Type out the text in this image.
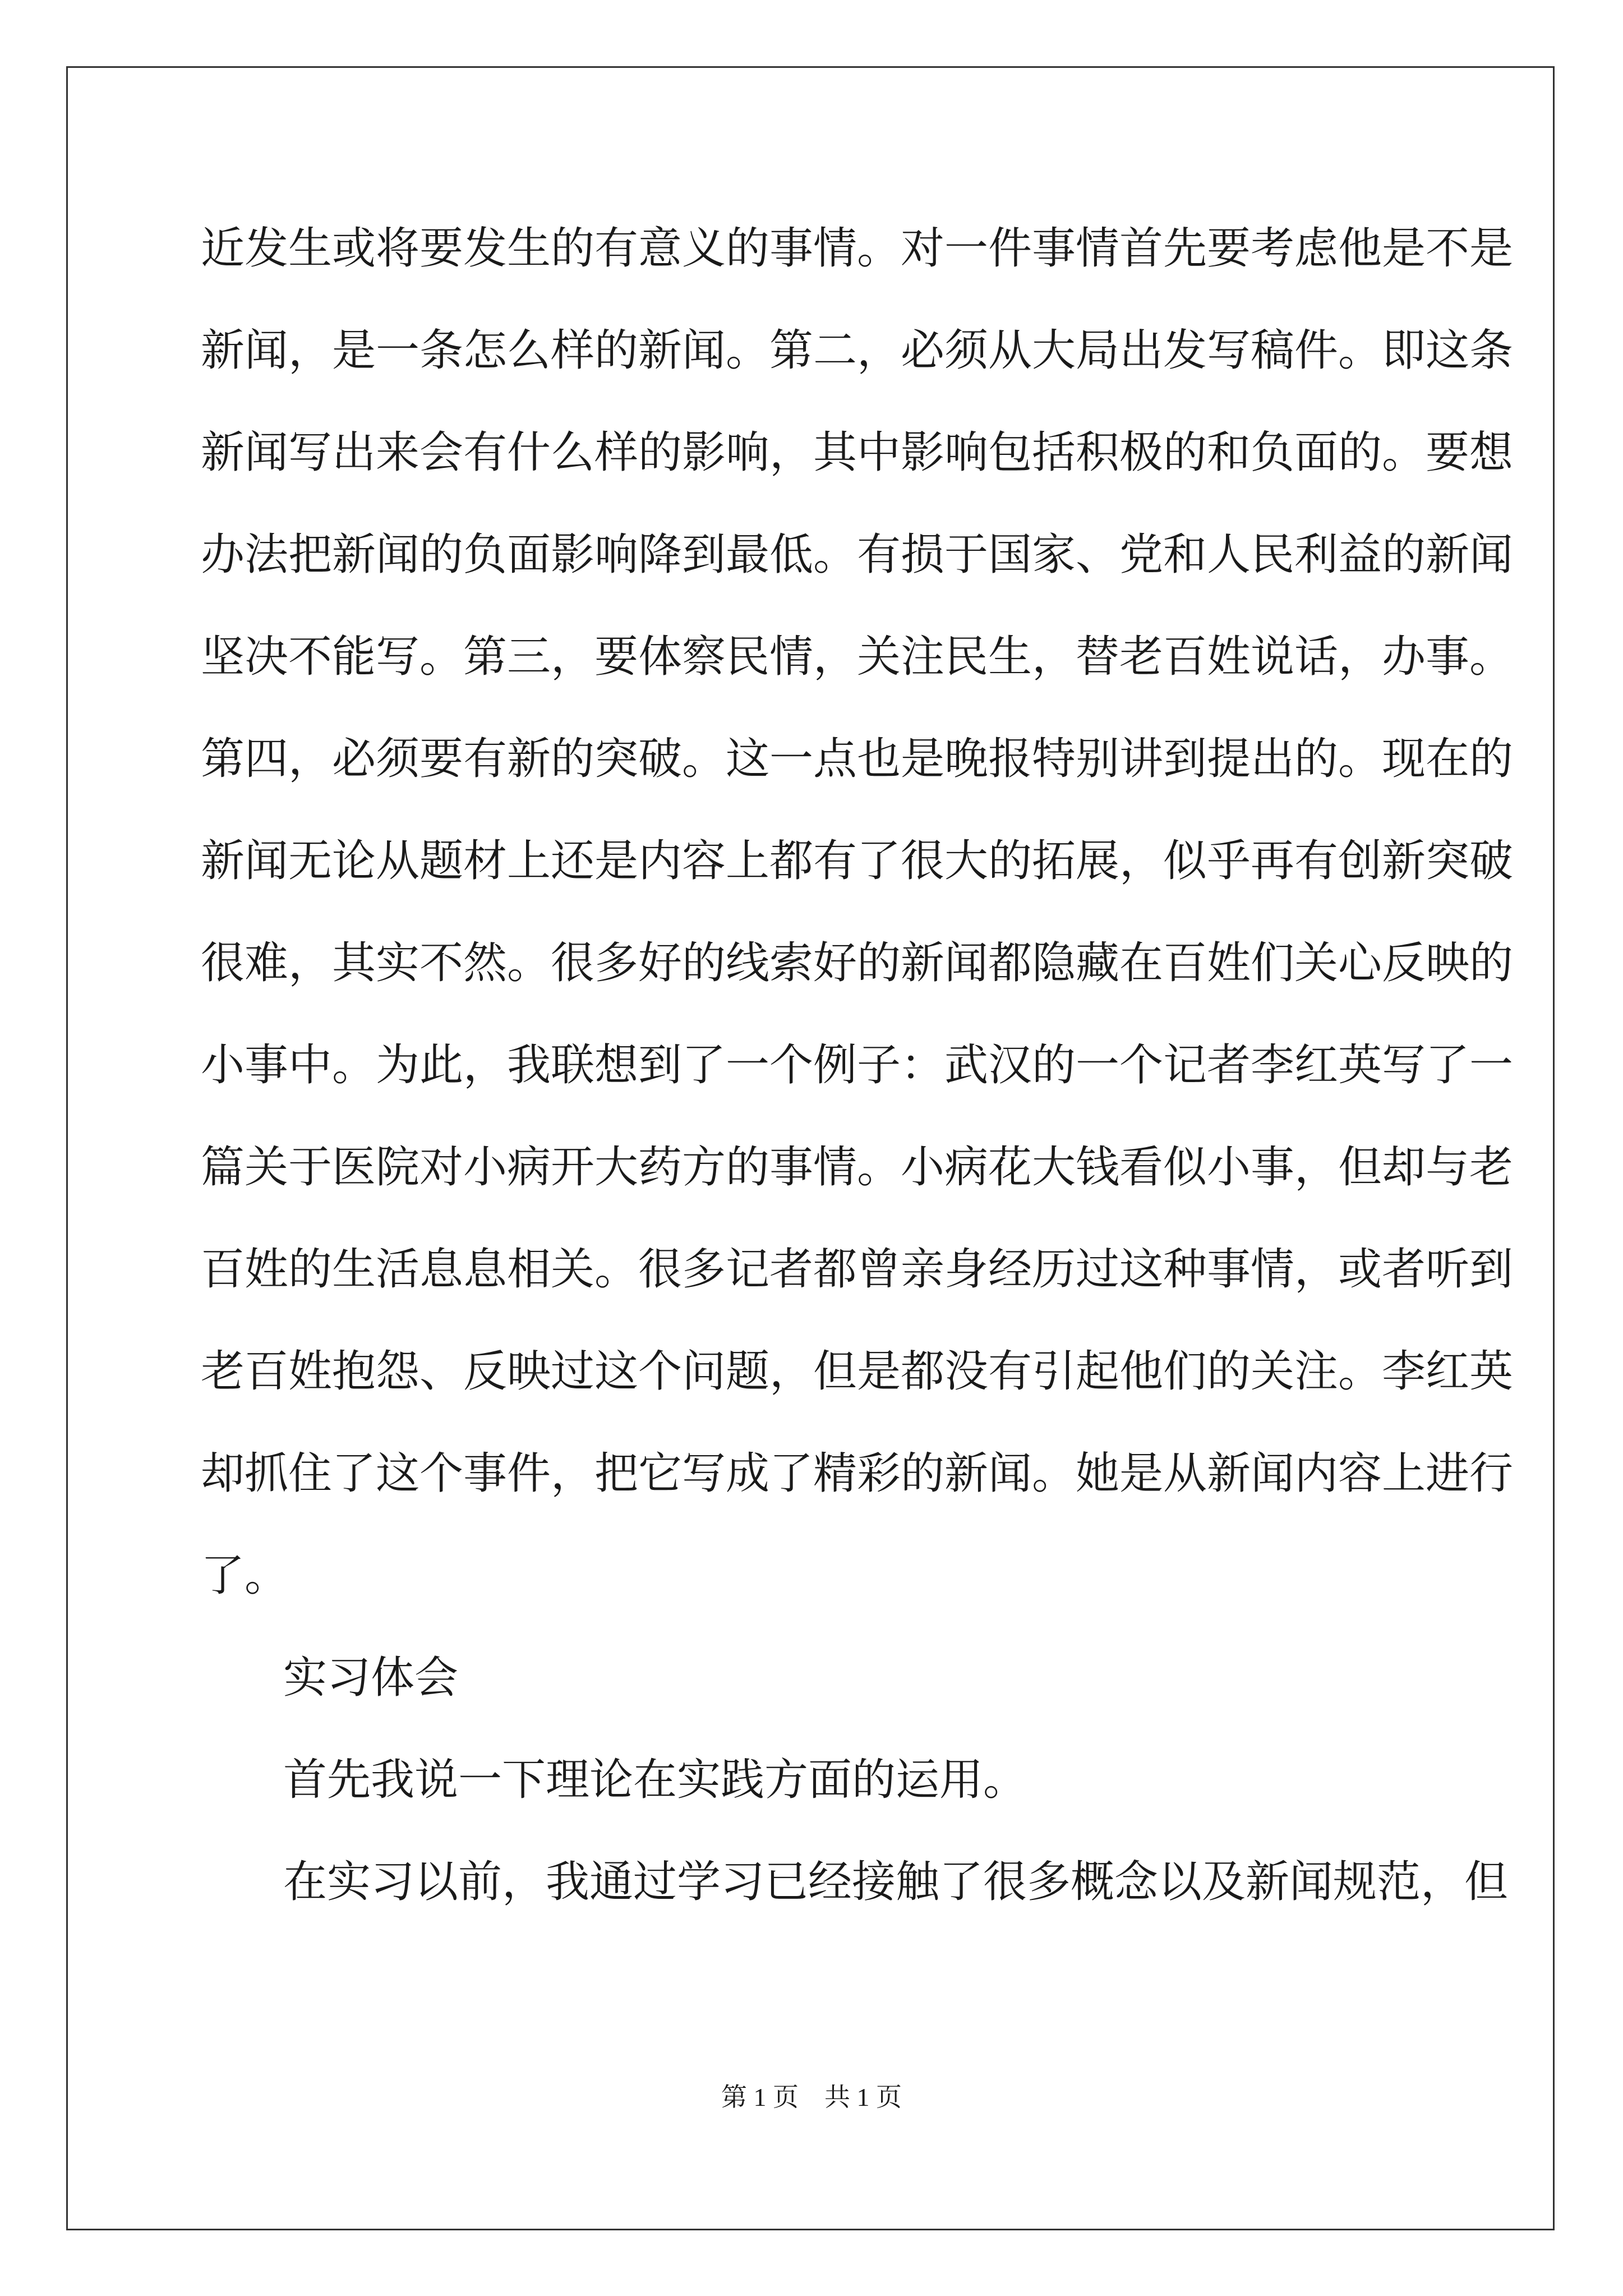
近发生或将要发生的有意义的事情。对一件事情首先要考虑他是不是
新闻，是一条怎么样的新闻。第二，必须从大局出发写稿件。即这条
新闻写出来会有什么样的影响，其中影响包括积极的和负面的。要想
办法把新闻的负面影响降到最低。有损于国家、党和人民利益的新闻
坚决不能写。第三，要体察民情，关注民生，替老百姓说话，办事。
第四，必须要有新的突破。这一点也是晚报特别讲到提出的。现在的
新闻无论从题材上还是内容上都有了很大的拓展，似乎再有创新突破
很难，其实不然。很多好的线索好的新闻都隐藏在百姓们关心反映的
小事中。为此，我联想到了一个例子：武汉的一个记者李红英写了一
篇关于医院对小病开大药方的事情。小病花大钱看似小事，但却与老
百姓的生活息息相关。很多记者都曾亲身经历过这种事情，或者听到
老百姓抱怨、反映过这个问题，但是都没有引起他们的关注。李红英
却抓住了这个事件，把它写成了精彩的新闻。她是从新闻内容上进行
了。
实习体会
首先我说一下理论在实践方面的运用。
在实习以前，我通过学习已经接触了很多概念以及新闻规范，但
第 1 页    共 1 页
